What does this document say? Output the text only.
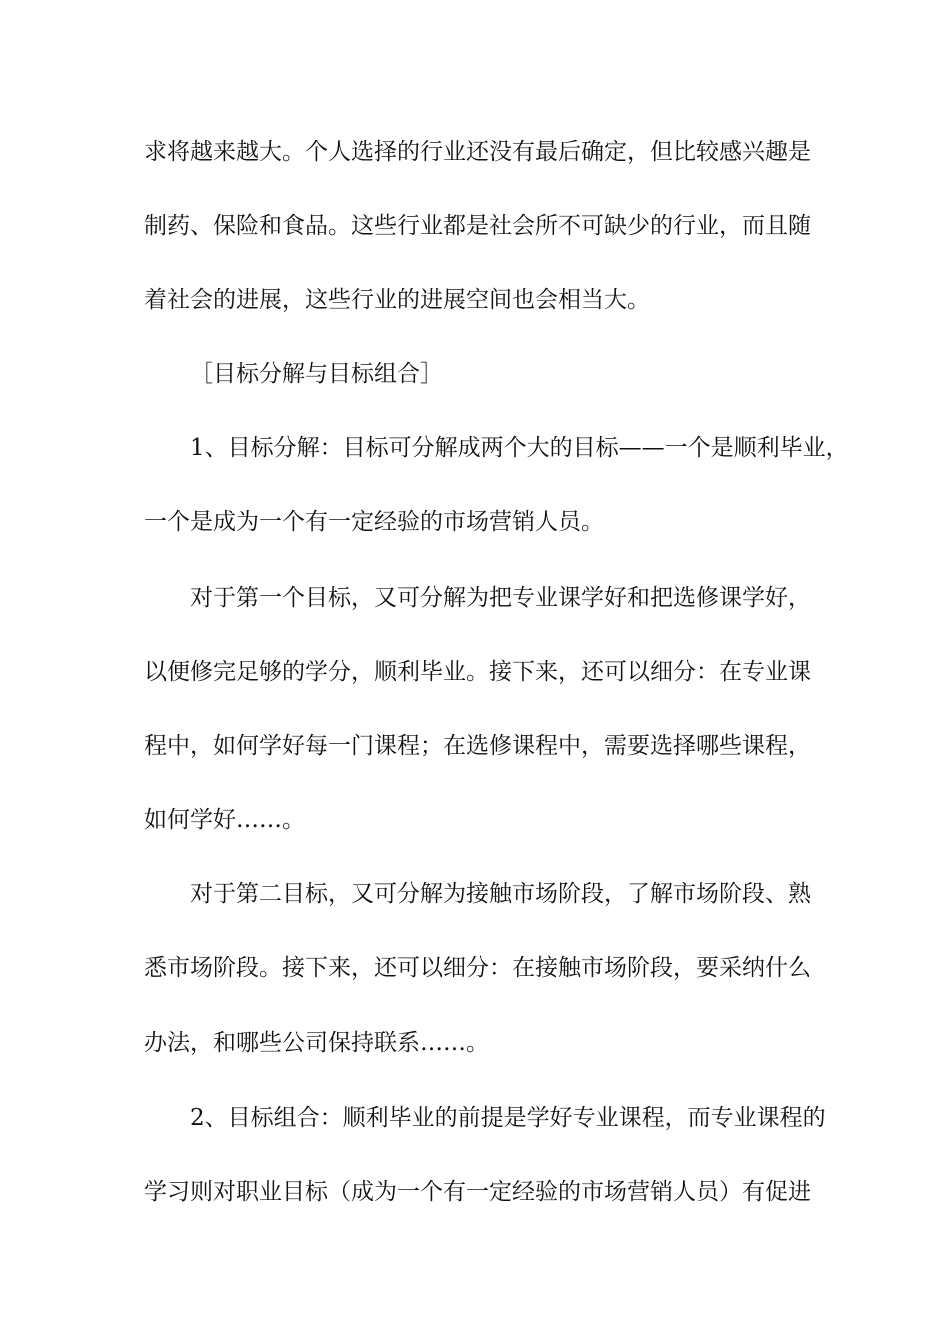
求将越来越大。个人选择的行业还没有最后确定，但比较感兴趣是
制药、保险和食品。这些行业都是社会所不可缺少的行业，而且随
着社会的进展，这些行业的进展空间也会相当大。
［目标分解与目标组合］
1、目标分解：目标可分解成两个大的目标——一个是顺利毕业，
一个是成为一个有一定经验的市场营销人员。
对于第一个目标，又可分解为把专业课学好和把选修课学好，
以便修完足够的学分，顺利毕业。接下来，还可以细分：在专业课
程中，如何学好每一门课程；在选修课程中，需要选择哪些课程，
如何学好……。
对于第二目标，又可分解为接触市场阶段，了解市场阶段、熟
悉市场阶段。接下来，还可以细分：在接触市场阶段，要采纳什么
办法，和哪些公司保持联系……。
2、目标组合：顺利毕业的前提是学好专业课程，而专业课程的
学习则对职业目标（成为一个有一定经验的市场营销人员）有促进
